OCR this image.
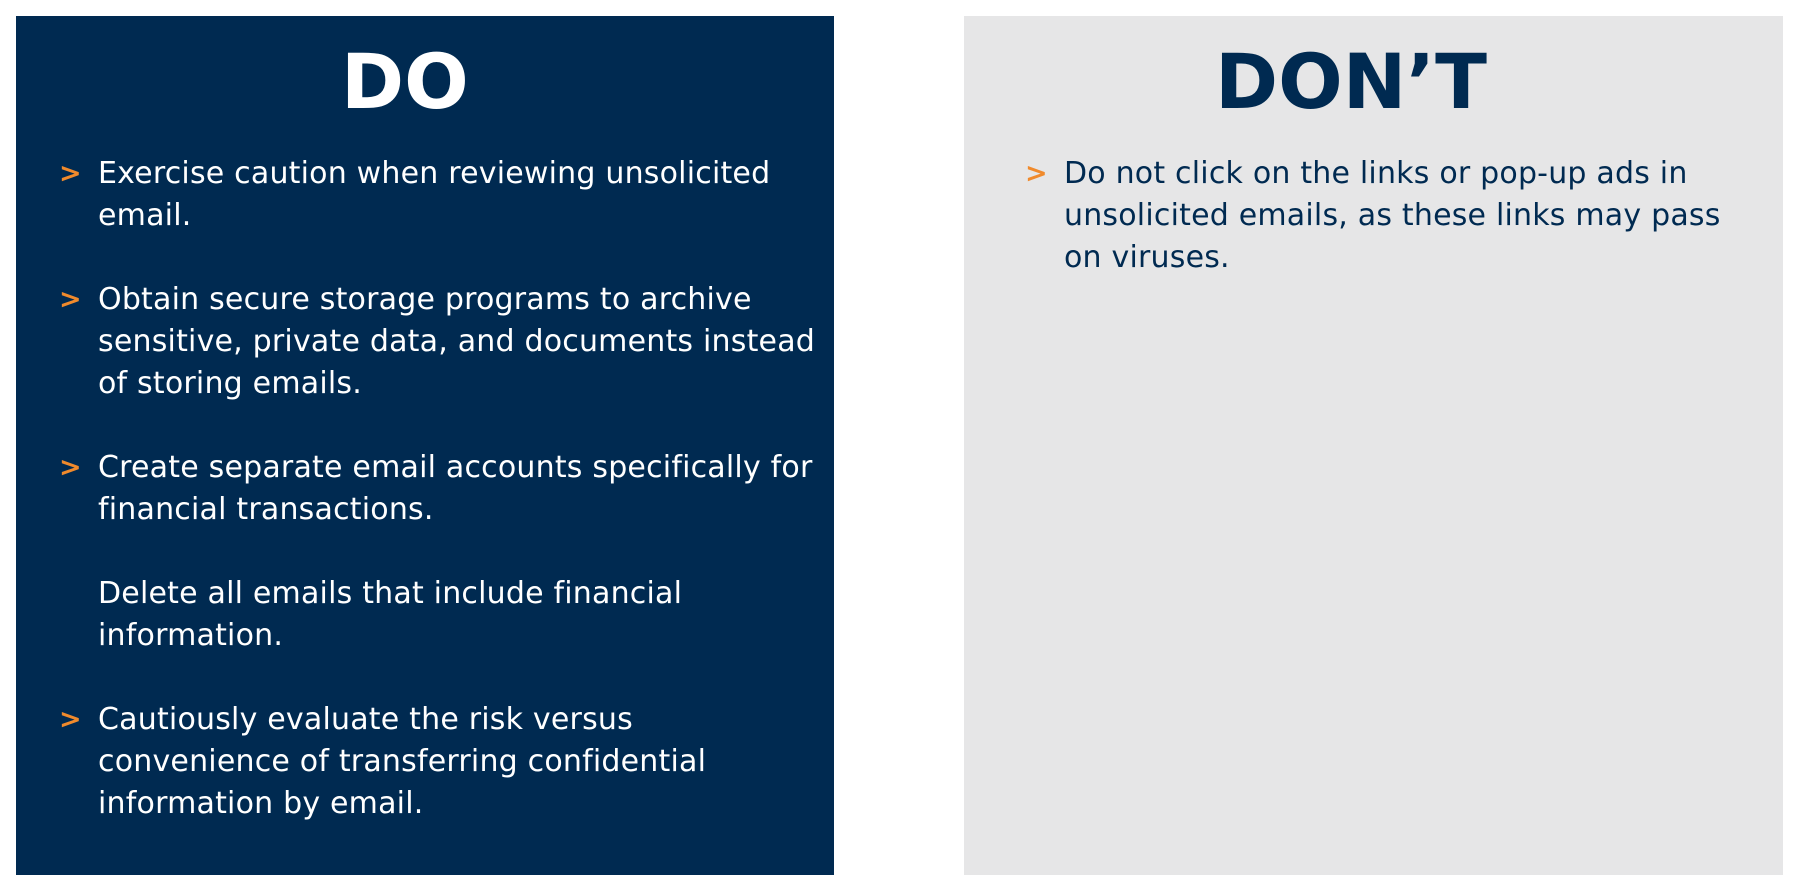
DO
> Exercise caution when reviewing unsolicited email.
> Obtain secure storage programs to archive sensitive, private data, and documents instead of storing emails.
> Create separate email accounts specifically for financial transactions.
Delete all emails that include financial information.
> Cautiously evaluate the risk versus convenience of transferring confidential information by email.
DON’T
> Do not click on the links or pop-up ads in unsolicited emails, as these links may pass on viruses.
